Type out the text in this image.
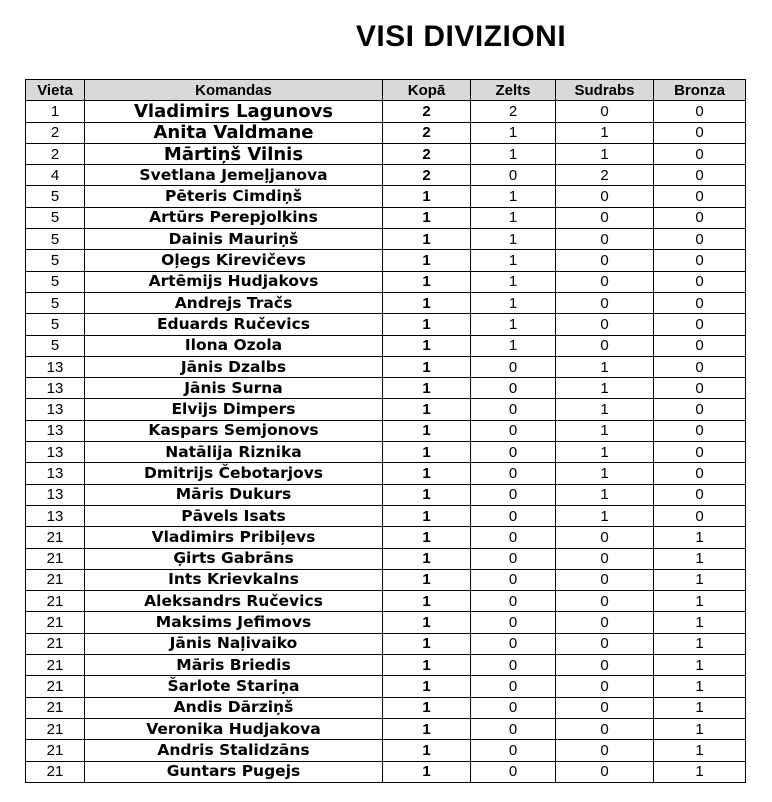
VISI DIVIZIONI
Vieta	Komandas	Kopā	Zelts	Sudrabs	Bronza
1	Vladimirs Lagunovs	2	2	0	0
2	Anita Valdmane	2	1	1	0
2	Mārtiņš Vilnis	2	1	1	0
4	Svetlana Jemeļjanova	2	0	2	0
5	Pēteris Cimdiņš	1	1	0	0
5	Artūrs Perepjolkins	1	1	0	0
5	Dainis Mauriņš	1	1	0	0
5	Oļegs Kirevičevs	1	1	0	0
5	Artēmijs Hudjakovs	1	1	0	0
5	Andrejs Tračs	1	1	0	0
5	Eduards Ručevics	1	1	0	0
5	Ilona Ozola	1	1	0	0
13	Jānis Dzalbs	1	0	1	0
13	Jānis Surna	1	0	1	0
13	Elvijs Dimpers	1	0	1	0
13	Kaspars Semjonovs	1	0	1	0
13	Natālija Riznika	1	0	1	0
13	Dmitrijs Čebotarjovs	1	0	1	0
13	Māris Dukurs	1	0	1	0
13	Pāvels Isats	1	0	1	0
21	Vladimirs Pribiļevs	1	0	0	1
21	Ģirts Gabrāns	1	0	0	1
21	Ints Krievkalns	1	0	0	1
21	Aleksandrs Ručevics	1	0	0	1
21	Maksims Jefimovs	1	0	0	1
21	Jānis Naļivaiko	1	0	0	1
21	Māris Briedis	1	0	0	1
21	Šarlote Stariņa	1	0	0	1
21	Andis Dārziņš	1	0	0	1
21	Veronika Hudjakova	1	0	0	1
21	Andris Stalidzāns	1	0	0	1
21	Guntars Pugejs	1	0	0	1
